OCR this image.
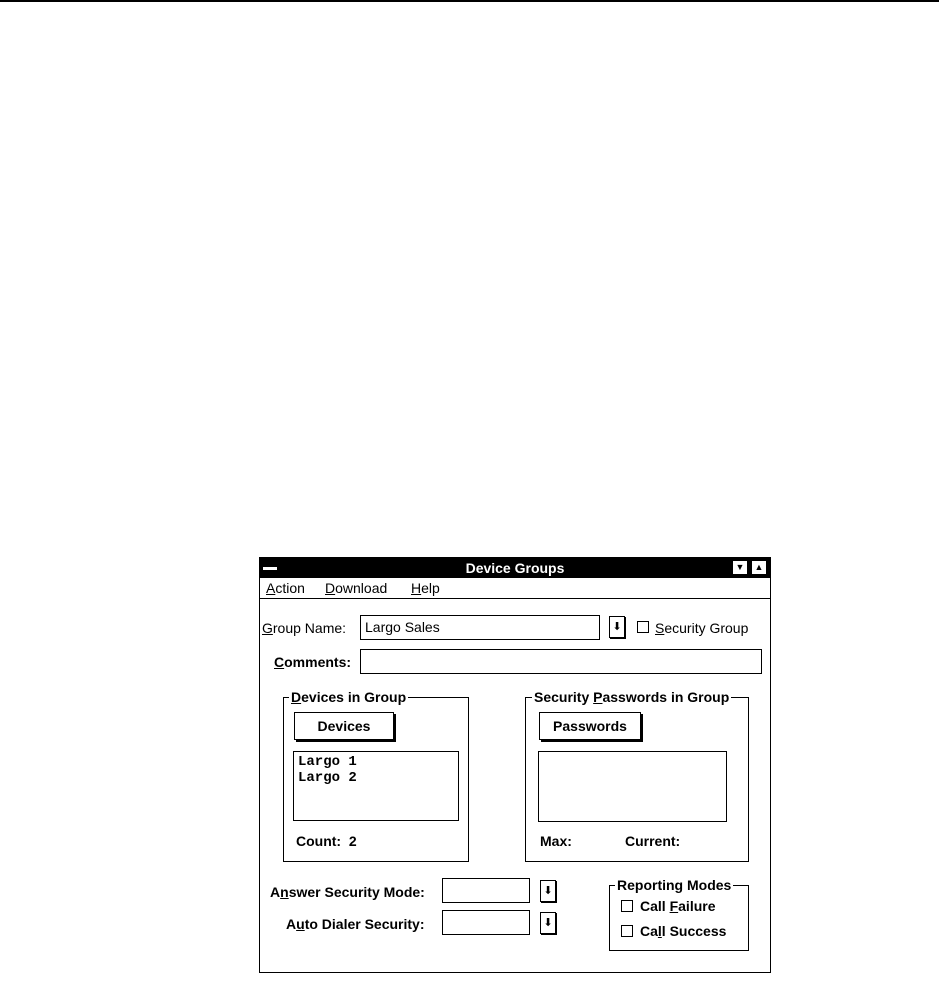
Device Groups	▼	▲
Action Download Help
Group Name:	Largo Sales	⬇ Security Group
Comments:
Devices in Group
Devices
Largo 1
Largo 2
Count: 2
Security Passwords in Group
Passwords
Max:	Current:
Answer Security Mode:	⬇
Auto Dialer Security:	⬇
Reporting Modes
Call Failure
Call Success
